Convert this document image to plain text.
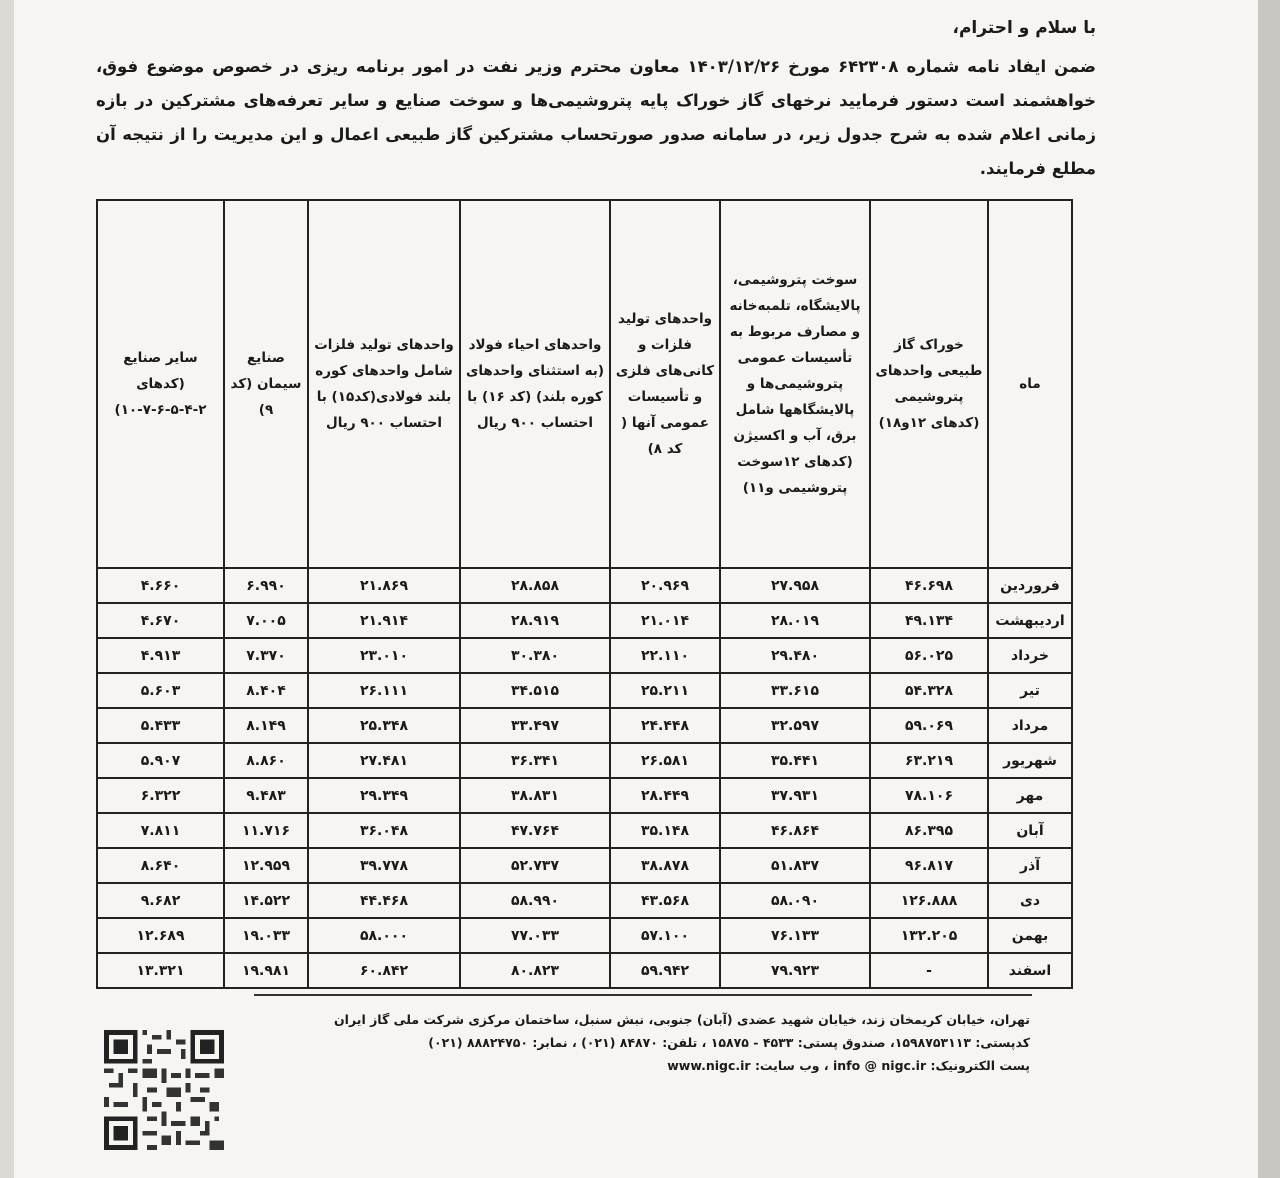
با سلام و احترام،

ضمن ایفاد نامه شماره ۶۴۲۳۰۸ مورخ ۱۴۰۳/۱۲/۲۶ معاون محترم وزیر نفت در امور برنامه ریزی در خصوص موضوع فوق، خواهشمند است دستور فرمایید نرخهای گاز خوراک پایه پتروشیمی‌ها و سوخت صنایع و سایر تعرفه‌های مشترکین در بازه زمانی اعلام شده به شرح جدول زیر، در سامانه صدور صورتحساب مشترکین گاز طبیعی اعمال و این مدیریت را از نتیجه آن مطلع فرمایند.

ماه	خوراک گاز طبیعی واحدهای پتروشیمی (کدهای ۱۲و۱۸)	سوخت پتروشیمی، پالایشگاه، تلمبه‌خانه و مصارف مربوط به تأسیسات عمومی پتروشیمی‌ها و پالایشگاهها شامل برق، آب و اکسیژن (کدهای ۱۲سوخت پتروشیمی و۱۱)	واحدهای تولید فلزات و کانی‌های فلزی و تأسیسات عمومی آنها ( کد ۸)	واحدهای احیاء فولاد (به استثنای واحدهای کوره بلند) (کد ۱۶) با احتساب ۹۰۰ ریال	واحدهای تولید فلزات شامل واحدهای کوره بلند فولادی(کد۱۵) با احتساب ۹۰۰ ریال	صنایع سیمان (کد ۹)	سایر صنایع (کدهای ۲-۴-۵-۶-۷-۱۰)
فروردین	۴۶.۶۹۸	۲۷.۹۵۸	۲۰.۹۶۹	۲۸.۸۵۸	۲۱.۸۶۹	۶.۹۹۰	۴.۶۶۰
اردیبهشت	۴۹.۱۳۴	۲۸.۰۱۹	۲۱.۰۱۴	۲۸.۹۱۹	۲۱.۹۱۴	۷.۰۰۵	۴.۶۷۰
خرداد	۵۶.۰۲۵	۲۹.۴۸۰	۲۲.۱۱۰	۳۰.۳۸۰	۲۳.۰۱۰	۷.۳۷۰	۴.۹۱۳
تیر	۵۴.۳۲۸	۳۳.۶۱۵	۲۵.۲۱۱	۳۴.۵۱۵	۲۶.۱۱۱	۸.۴۰۴	۵.۶۰۳
مرداد	۵۹.۰۶۹	۳۲.۵۹۷	۲۴.۴۴۸	۳۳.۴۹۷	۲۵.۳۴۸	۸.۱۴۹	۵.۴۳۳
شهریور	۶۳.۲۱۹	۳۵.۴۴۱	۲۶.۵۸۱	۳۶.۳۴۱	۲۷.۴۸۱	۸.۸۶۰	۵.۹۰۷
مهر	۷۸.۱۰۶	۳۷.۹۳۱	۲۸.۴۴۹	۳۸.۸۳۱	۲۹.۳۴۹	۹.۴۸۳	۶.۳۲۲
آبان	۸۶.۳۹۵	۴۶.۸۶۴	۳۵.۱۴۸	۴۷.۷۶۴	۳۶.۰۴۸	۱۱.۷۱۶	۷.۸۱۱
آذر	۹۶.۸۱۷	۵۱.۸۳۷	۳۸.۸۷۸	۵۲.۷۳۷	۳۹.۷۷۸	۱۲.۹۵۹	۸.۶۴۰
دی	۱۲۶.۸۸۸	۵۸.۰۹۰	۴۳.۵۶۸	۵۸.۹۹۰	۴۴.۴۶۸	۱۴.۵۲۲	۹.۶۸۲
بهمن	۱۳۲.۲۰۵	۷۶.۱۳۳	۵۷.۱۰۰	۷۷.۰۳۳	۵۸.۰۰۰	۱۹.۰۳۳	۱۲.۶۸۹
اسفند	-	۷۹.۹۲۳	۵۹.۹۴۲	۸۰.۸۲۳	۶۰.۸۴۲	۱۹.۹۸۱	۱۳.۳۲۱
تهران، خیابان کریمخان زند، خیابان شهید عضدی (آبان) جنوبی، نبش سنبل، ساختمان مرکزی شرکت ملی گاز ایران
کدپستی: ۱۵۹۸۷۵۳۱۱۳، صندوق پستی: ۴۵۳۳ - ۱۵۸۷۵ ، تلفن: ۸۴۸۷۰ (۰۲۱) ، نمابر: ۸۸۸۲۴۷۵۰ (۰۲۱)
پست الکترونیک: info @ nigc.ir ، وب سایت: www.nigc.ir
